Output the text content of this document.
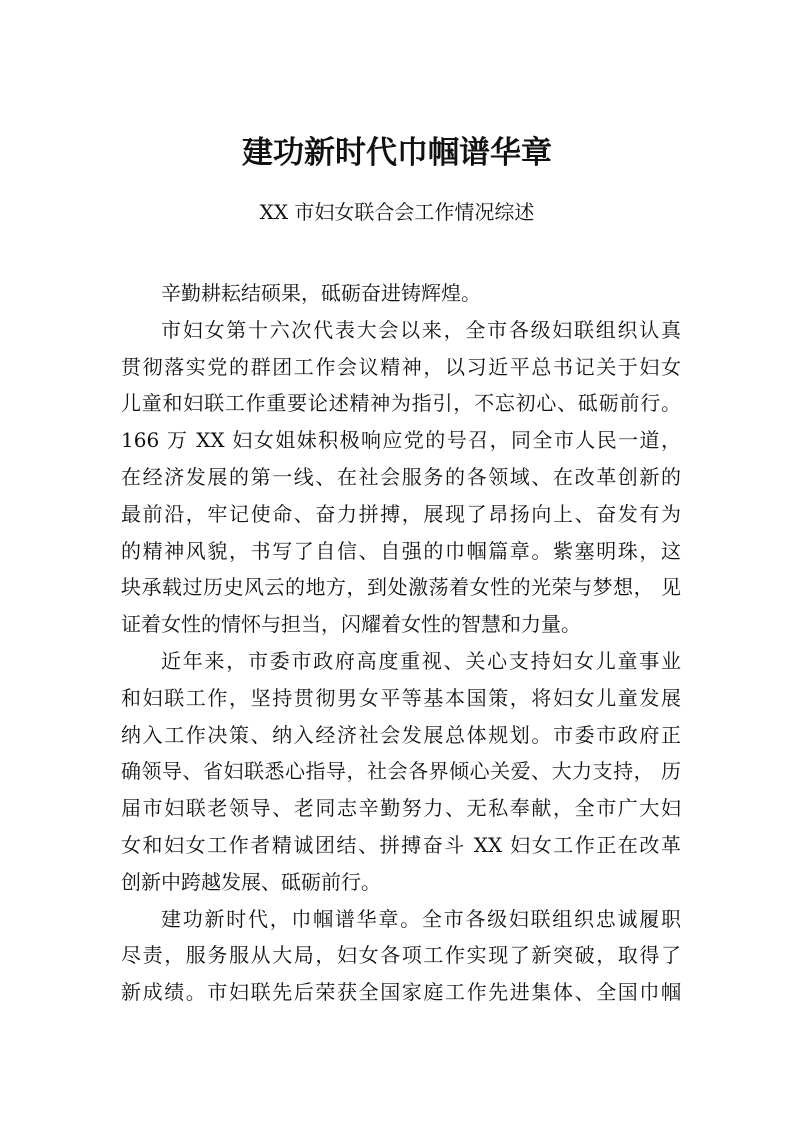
建功新时代巾帼谱华章
XX 市妇女联合会工作情况综述
辛勤耕耘结硕果，砥砺奋进铸辉煌。
市妇女第十六次代表大会以来，全市各级妇联组织认真
贯彻落实党的群团工作会议精神，以习近平总书记关于妇女
儿童和妇联工作重要论述精神为指引，不忘初心、砥砺前行。
166 万 XX 妇女姐妹积极响应党的号召，同全市人民一道，
在经济发展的第一线、在社会服务的各领域、在改革创新的
最前沿，牢记使命、奋力拼搏，展现了昂扬向上、奋发有为
的精神风貌，书写了自信、自强的巾帼篇章。紫塞明珠，这
块承载过历史风云的地方，到处激荡着女性的光荣与梦想， 见
证着女性的情怀与担当，闪耀着女性的智慧和力量。
近年来，市委市政府高度重视、关心支持妇女儿童事业
和妇联工作，坚持贯彻男女平等基本国策，将妇女儿童发展
纳入工作决策、纳入经济社会发展总体规划。市委市政府正
确领导、省妇联悉心指导，社会各界倾心关爱、大力支持， 历
届市妇联老领导、老同志辛勤努力、无私奉献，全市广大妇
女和妇女工作者精诚团结、拼搏奋斗 XX 妇女工作正在改革
创新中跨越发展、砥砺前行。
建功新时代，巾帼谱华章。全市各级妇联组织忠诚履职
尽责，服务服从大局，妇女各项工作实现了新突破，取得了
新成绩。市妇联先后荣获全国家庭工作先进集体、全国巾帼
